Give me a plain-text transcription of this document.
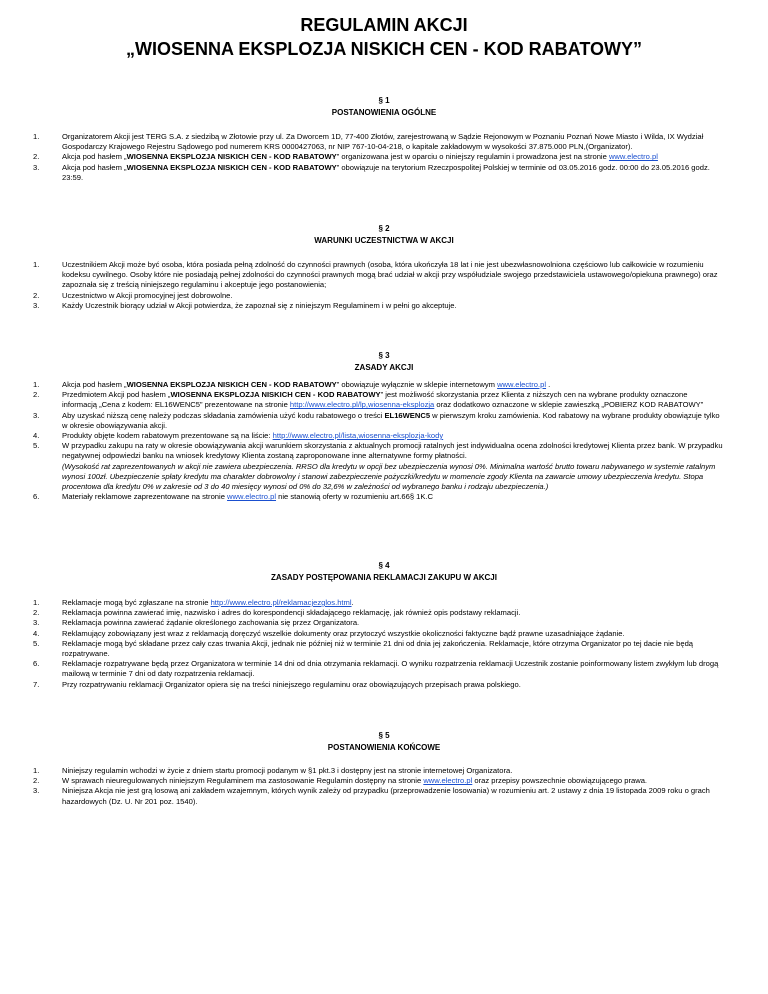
REGULAMIN AKCJI
„WIOSENNA EKSPLOZJA NISKICH CEN - KOD RABATOWY”
§ 1
POSTANOWIENIA OGÓLNE
1.	Organizatorem Akcji jest TERG S.A. z siedzibą w Złotowie przy ul. Za Dworcem 1D, 77-400 Złotów, zarejestrowaną w Sądzie Rejonowym w Poznaniu Poznań Nowe Miasto i Wilda, IX Wydział Gospodarczy Krajowego Rejestru Sądowego pod numerem KRS 0000427063, nr NIP 767-10-04-218, o kapitale zakładowym w wysokości 37.875.000 PLN,(Organizator).
2.	Akcja pod hasłem „WIOSENNA EKSPLOZJA NISKICH CEN - KOD RABATOWY” organizowana jest w oparciu o niniejszy regulamin i prowadzona jest na stronie www.electro.pl
3.	Akcja pod hasłem „WIOSENNA EKSPLOZJA NISKICH CEN - KOD RABATOWY” obowiązuje na terytorium Rzeczpospolitej Polskiej w terminie od 03.05.2016 godz. 00:00 do 23.05.2016 godz. 23:59.
§ 2
WARUNKI UCZESTNICTWA W AKCJI
1.	Uczestnikiem Akcji może być osoba, która posiada pełną zdolność do czynności prawnych (osoba, która ukończyła 18 lat i nie jest ubezwłasnowolniona częściowo lub całkowicie w rozumieniu kodeksu cywilnego. Osoby które nie posiadają pełnej zdolności do czynności prawnych mogą brać udział w akcji przy współudziale swojego przedstawiciela ustawowego/opiekuna prawnego) oraz zapoznała się z treścią niniejszego regulaminu i akceptuje jego postanowienia;
2.	Uczestnictwo w Akcji promocyjnej jest dobrowolne.
3.	Każdy Uczestnik biorący udział w Akcji potwierdza, że zapoznał się z niniejszym Regulaminem i w pełni go akceptuje.
§ 3
ZASADY AKCJI
1.	Akcja pod hasłem „WIOSENNA EKSPLOZJA NISKICH CEN - KOD RABATOWY” obowiązuje wyłącznie w sklepie internetowym www.electro.pl .
2.	Przedmiotem Akcji pod hasłem „WIOSENNA EKSPLOZJA NISKICH CEN - KOD RABATOWY” jest możliwość skorzystania przez Klienta z niższych cen na wybrane produkty oznaczone informacją „Cena z kodem: EL16WENC5” prezentowane na stronie http://www.electro.pl/lp,wiosenna-eksplozja oraz dodatkowo oznaczone w sklepie zawieszką „POBIERZ KOD RABATOWY”
3.	Aby uzyskać niższą cenę należy podczas składania zamówienia użyć kodu rabatowego o treści EL16WENC5 w pierwszym kroku zamówienia. Kod rabatowy na wybrane produkty obowiązuje tylko w okresie obowiązywania akcji.
4.	Produkty objęte kodem rabatowym prezentowane są na liście: http://www.electro.pl/lista,wiosenna-eksplozja-kody
5.	W przypadku zakupu na raty w okresie obowiązywania akcji warunkiem skorzystania z aktualnych promocji ratalnych jest indywidualna ocena zdolności kredytowej Klienta przez bank. W przypadku negatywnej odpowiedzi banku na wniosek kredytowy Klienta zostaną zaproponowane inne alternatywne formy płatności.
(Wysokość rat zaprezentowanych w akcji nie zawiera ubezpieczenia. RRSO dla kredytu w opcji bez ubezpieczenia wynosi 0%. Minimalna wartość brutto towaru nabywanego w systemie ratalnym wynosi 100zł. Ubezpieczenie spłaty kredytu ma charakter dobrowolny i stanowi zabezpieczenie pożyczki/kredytu w momencie zgody Klienta na zawarcie umowy ubezpieczenia kredytu. Stopa procentowa dla kredytu 0% w zakresie od 3 do 40 miesięcy wynosi od 0% do 32,6% w zależności od wybranego banku i rodzaju ubezpieczenia.)
6.	Materiały reklamowe zaprezentowane na stronie www.electro.pl nie stanowią oferty w rozumieniu art.66§ 1K.C
§ 4
ZASADY POSTĘPOWANIA REKLAMACJI ZAKUPU W AKCJI
1.	Reklamacje mogą być zgłaszane na stronie http://www.electro.pl/reklamacjezglos.html.
2.	Reklamacja powinna zawierać imię, nazwisko i adres do korespondencji składającego reklamację, jak również opis podstawy reklamacji.
3.	Reklamacja powinna zawierać żądanie określonego zachowania się przez Organizatora.
4.	Reklamujący zobowiązany jest wraz z reklamacją doręczyć wszelkie dokumenty oraz przytoczyć wszystkie okoliczności faktyczne bądź prawne uzasadniające żądanie.
5.	Reklamacje mogą być składane przez cały czas trwania Akcji, jednak nie później niż w terminie 21 dni od dnia jej zakończenia. Reklamacje, które otrzyma Organizator po tej dacie nie będą rozpatrywane.
6.	Reklamacje rozpatrywane będą przez Organizatora w terminie 14 dni od dnia otrzymania reklamacji. O wyniku rozpatrzenia reklamacji Uczestnik zostanie poinformowany listem zwykłym lub drogą mailową w terminie 7 dni od daty rozpatrzenia reklamacji.
7.	Przy rozpatrywaniu reklamacji Organizator opiera się na treści niniejszego regulaminu oraz obowiązujących przepisach prawa polskiego.
§ 5
POSTANOWIENIA KOŃCOWE
1.	Niniejszy regulamin wchodzi w życie z dniem startu promocji podanym w §1 pkt.3 i dostępny jest na stronie internetowej Organizatora.
2.	W sprawach nieuregulowanych niniejszym Regulaminem ma zastosowanie Regulamin dostępny na stronie www.electro.pl oraz przepisy powszechnie obowiązującego prawa.
3.	Niniejsza Akcja nie jest grą losową ani zakładem wzajemnym, których wynik zależy od przypadku (przeprowadzenie losowania) w rozumieniu art. 2 ustawy z dnia 19 listopada 2009 roku o grach hazardowych (Dz. U. Nr 201 poz. 1540).
